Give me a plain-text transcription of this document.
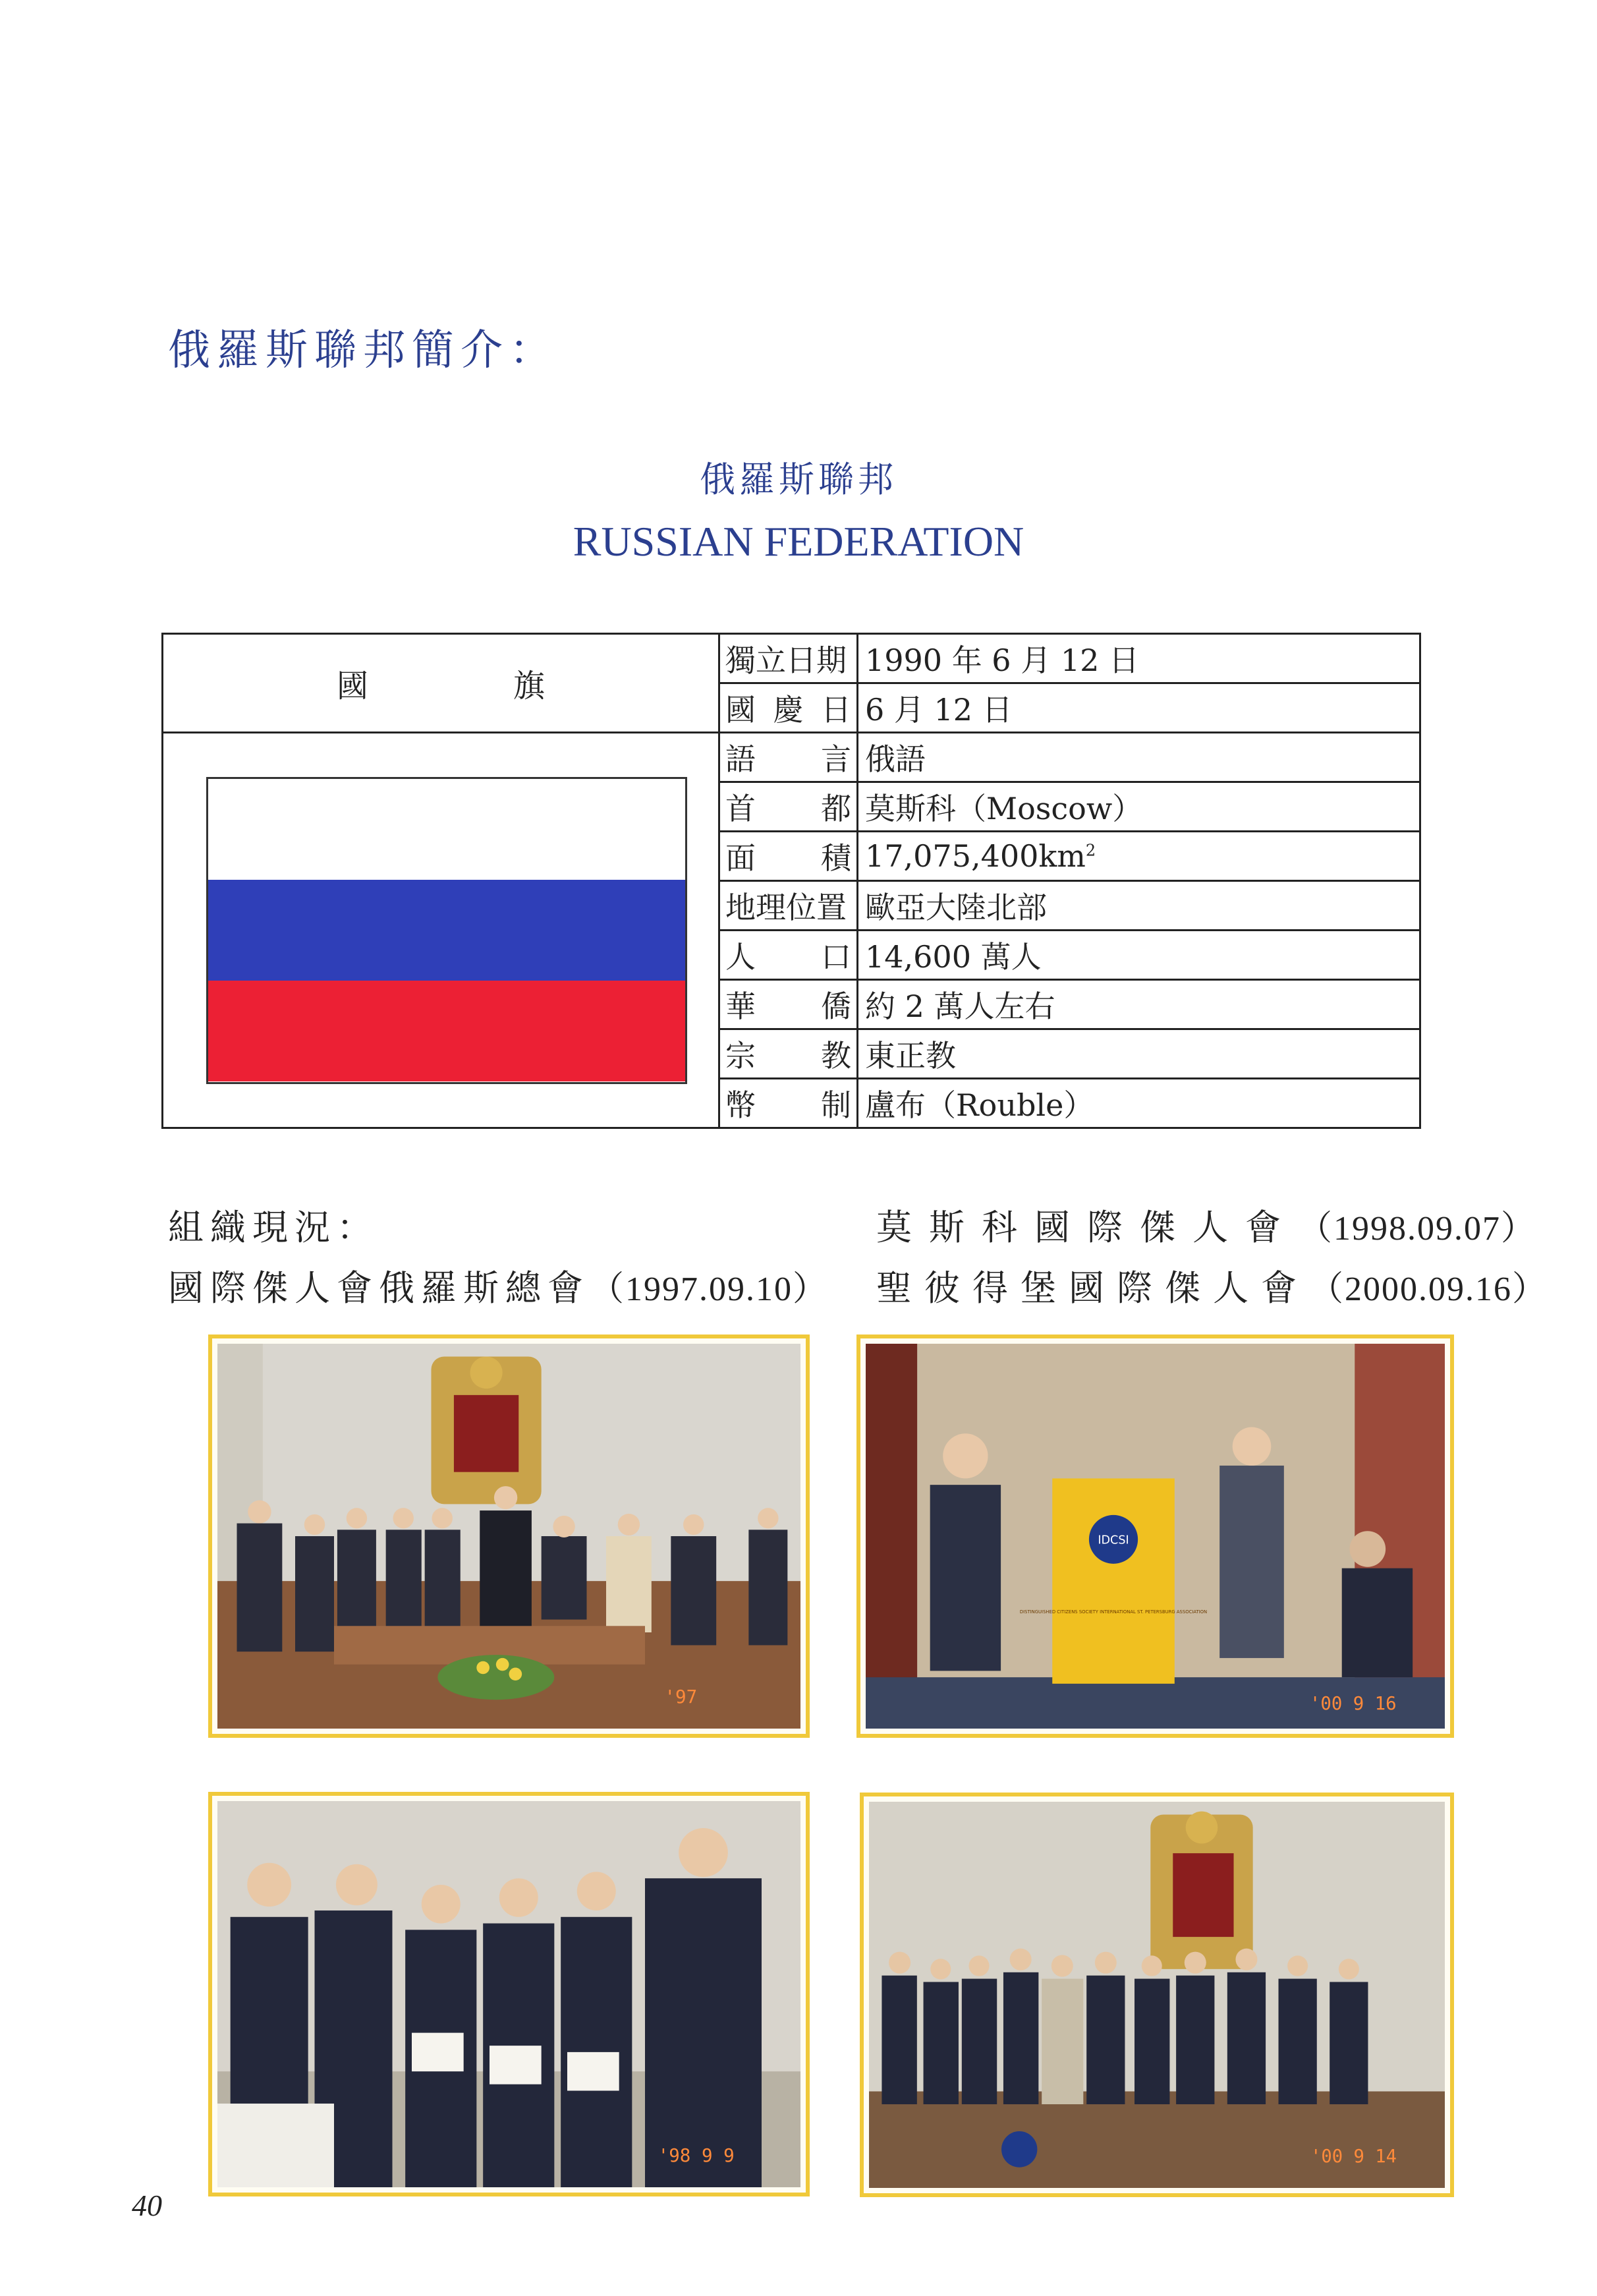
俄羅斯聯邦簡介：
俄羅斯聯邦
RUSSIAN FEDERATION
國 旗	獨立日期	1990 年 6 月 12 日

	國 慶 日	6 月 12 日

	語 言	俄語

	首 都	莫斯科（Moscow）

	面 積	$17,075,400km^2$
	地理位置	歐亞大陸北部

	人 口	14,600 萬人

	華 僑	約 2 萬人左右

	宗 教	東正教

	幣 制	盧布（Rouble）
組織現況：
國際傑人會俄羅斯總會（1997.09.10）
莫斯科國際傑人會（1998.09.07）
聖彼得堡國際傑人會（2000.09.16）
'97
IDCSI
DISTINGUISHED CITIZENS SOCIETY INTERNATIONAL ST. PETERSBURG ASSOCIATION
'00 9 16
'98 9 9	'00 9 14
40
